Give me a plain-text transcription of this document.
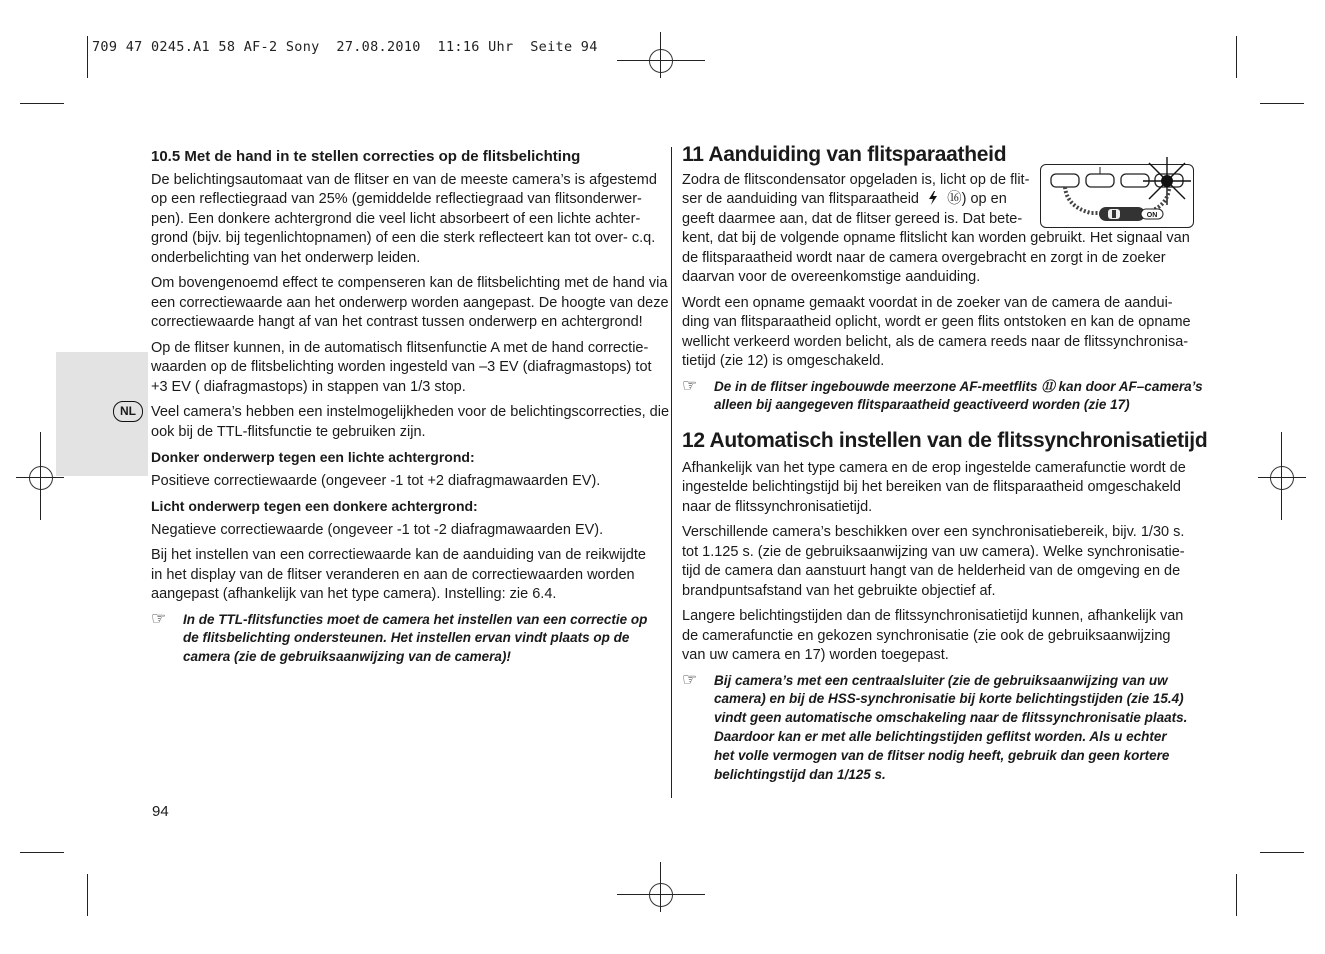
709 47 0245.A1 58 AF-2 Sony  27.08.2010  11:16 Uhr  Seite 94
NL
10.5 Met de hand in te stellen correcties op de flitsbelichting

De belichtingsautomaat van de flitser en van de meeste camera’s is afgestemd
op een reflectiegraad van 25% (gemiddelde reflectiegraad van flitsonderwer-
pen). Een donkere achtergrond die veel licht absorbeert of een lichte achter-
grond (bijv. bij tegenlichtopnamen) of een die sterk reflecteert kan tot over- c.q.
onderbelichting van het onderwerp leiden.

Om bovengenoemd effect te compenseren kan de flitsbelichting met de hand via
een correctiewaarde aan het onderwerp worden aangepast. De hoogte van deze
correctiewaarde hangt af van het contrast tussen onderwerp en achtergrond!

Op de flitser kunnen, in de automatisch flitsenfunctie A met de hand correctie-
waarden op de flitsbelichting worden ingesteld van –3 EV (diafragmastops) tot
+3 EV ( diafragmastops) in stappen van 1/3 stop.

Veel camera’s hebben een instelmogelijkheden voor de belichtingscorrecties, die
ook bij de TTL-flitsfunctie te gebruiken zijn.

Donker onderwerp tegen een lichte achtergrond:

Positieve correctiewaarde (ongeveer -1 tot +2 diafragmawaarden EV).

Licht onderwerp tegen een donkere achtergrond:

Negatieve correctiewaarde (ongeveer -1 tot -2 diafragmawaarden EV).

Bij het instellen van een correctiewaarde kan de aanduiding van de reikwijdte
in het display van de flitser veranderen en aan de correctiewaarden worden
aangepast (afhankelijk van het type camera). Instelling: zie 6.4.

☞ In de TTL-flitsfuncties moet de camera het instellen van een correctie op
de flitsbelichting ondersteunen. Het instellen ervan vindt plaats op de
camera (zie de gebruiksaanwijzing van de camera)!
ON
11 Aanduiding van flitsparaatheid

Zodra de flitscondensator opgeladen is, licht op de flit-
ser de aanduiding van flitsparaatheid ⑯) op en
geeft daarmee aan, dat de flitser gereed is. Dat bete-
kent, dat bij de volgende opname flitslicht kan worden gebruikt. Het signaal van
de flitsparaatheid wordt naar de camera overgebracht en zorgt in de zoeker
daarvan voor de overeenkomstige aanduiding.

Wordt een opname gemaakt voordat in de zoeker van de camera de aandui-
ding van flitsparaatheid oplicht, wordt er geen flits ontstoken en kan de opname
wellicht verkeerd worden belicht, als de camera reeds naar de flitssynchronisa-
tietijd (zie 12) is omgeschakeld.

☞ De in de flitser ingebouwde meerzone AF-meetflits ⑪ kan door AF–camera’s
alleen bij aangegeven flitsparaatheid geactiveerd worden (zie 17)
12 Automatisch instellen van de flitssynchronisatietijd

Afhankelijk van het type camera en de erop ingestelde camerafunctie wordt de
ingestelde belichtingstijd bij het bereiken van de flitsparaatheid omgeschakeld
naar de flitssynchronisatietijd.

Verschillende camera’s beschikken over een synchronisatiebereik, bijv. 1/30 s.
tot 1.125 s. (zie de gebruiksaanwijzing van uw camera). Welke synchronisatie-
tijd de camera dan aanstuurt hangt van de helderheid van de omgeving en de
brandpuntsafstand van het gebruikte objectief af.

Langere belichtingstijden dan de flitssynchronisatietijd kunnen, afhankelijk van
de camerafunctie en gekozen synchronisatie (zie ook de gebruiksaanwijzing
van uw camera en 17) worden toegepast.

☞ Bij camera’s met een centraalsluiter (zie de gebruiksaanwijzing van uw
camera) en bij de HSS-synchronisatie bij korte belichtingstijden (zie 15.4)
vindt geen automatische omschakeling naar de flitssynchronisatie plaats.
Daardoor kan er met alle belichtingstijden geflitst worden. Als u echter
het volle vermogen van de flitser nodig heeft, gebruik dan geen kortere
belichtingstijd dan 1/125 s.
94
